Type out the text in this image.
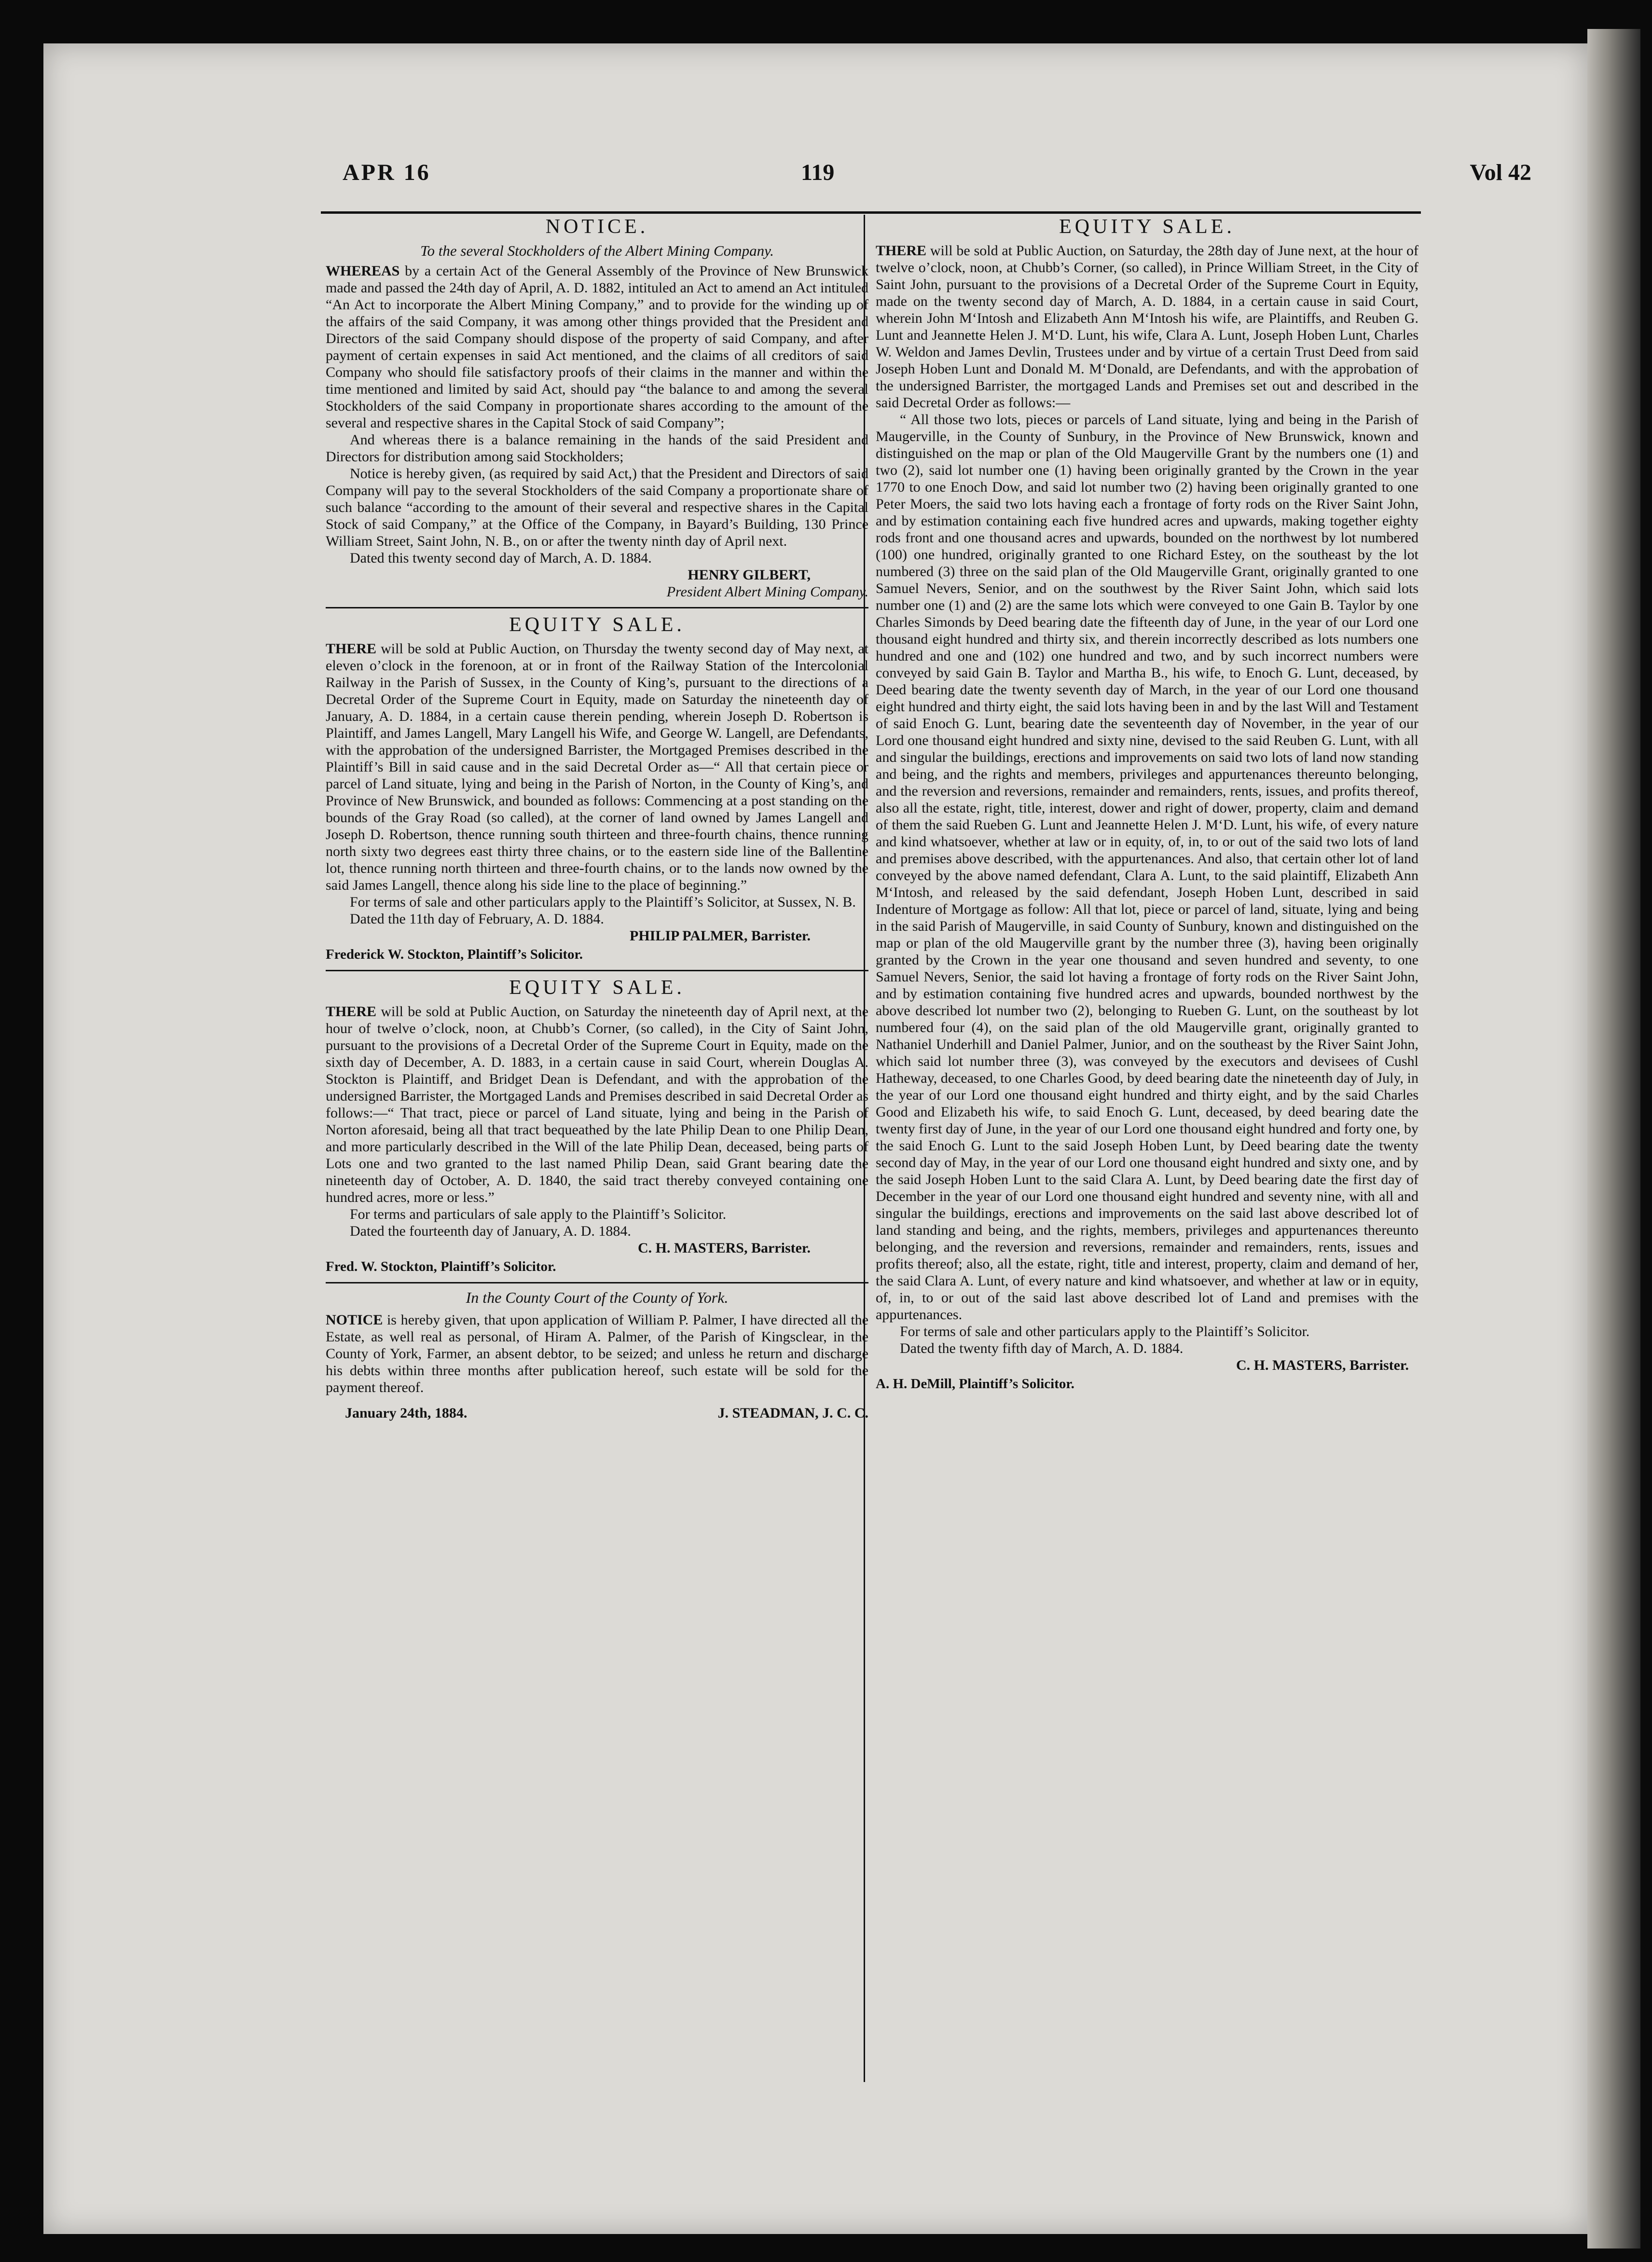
APR 16	119	Vol 42
NOTICE.
To the several Stockholders of the Albert Mining Company.

WHEREAS by a certain Act of the General Assembly of the Province of New Brunswick made and passed the 24th day of April, A. D. 1882, intituled an Act to amend an Act intituled “An Act to incorporate the Albert Mining Company,” and to provide for the winding up of the affairs of the said Company, it was among other things provided that the President and Directors of the said Company should dispose of the property of said Company, and after payment of certain expenses in said Act mentioned, and the claims of all creditors of said Company who should file satisfactory proofs of their claims in the manner and within the time mentioned and limited by said Act, should pay “the balance to and among the several Stockholders of the said Company in proportionate shares according to the amount of the several and respective shares in the Capital Stock of said Company”;

And whereas there is a balance remaining in the hands of the said President and Directors for distribution among said Stockholders;

Notice is hereby given, (as required by said Act,) that the President and Directors of said Company will pay to the several Stockholders of the said Company a proportionate share of such balance “according to the amount of their several and respective shares in the Capital Stock of said Company,” at the Office of the Company, in Bayard’s Building, 130 Prince William Street, Saint John, N. B., on or after the twenty ninth day of April next.

Dated this twenty second day of March, A. D. 1884.

HENRY GILBERT,

President Albert Mining Company.

EQUITY SALE.

THERE will be sold at Public Auction, on Thursday the twenty second day of May next, at eleven o’clock in the forenoon, at or in front of the Railway Station of the Intercolonial Railway in the Parish of Sussex, in the County of King’s, pursuant to the directions of a Decretal Order of the Supreme Court in Equity, made on Saturday the nineteenth day of January, A. D. 1884, in a certain cause therein pending, wherein Joseph D. Robertson is Plaintiff, and James Langell, Mary Langell his Wife, and George W. Langell, are Defendants, with the approbation of the undersigned Barrister, the Mortgaged Premises described in the Plaintiff’s Bill in said cause and in the said Decretal Order as—“ All that certain piece or parcel of Land situate, lying and being in the Parish of Norton, in the County of King’s, and Province of New Brunswick, and bounded as follows: Commencing at a post standing on the bounds of the Gray Road (so called), at the corner of land owned by James Langell and Joseph D. Robertson, thence running south thirteen and three-fourth chains, thence running north sixty two degrees east thirty three chains, or to the eastern side line of the Ballentine lot, thence running north thirteen and three-fourth chains, or to the lands now owned by the said James Langell, thence along his side line to the place of beginning.”

For terms of sale and other particulars apply to the Plaintiff’s Solicitor, at Sussex, N. B.

Dated the 11th day of February, A. D. 1884.

PHILIP PALMER, Barrister.

Frederick W. Stockton, Plaintiff’s Solicitor.

EQUITY SALE.

THERE will be sold at Public Auction, on Saturday the nineteenth day of April next, at the hour of twelve o’clock, noon, at Chubb’s Corner, (so called), in the City of Saint John, pursuant to the provisions of a Decretal Order of the Supreme Court in Equity, made on the sixth day of December, A. D. 1883, in a certain cause in said Court, wherein Douglas A. Stockton is Plaintiff, and Bridget Dean is Defendant, and with the approbation of the undersigned Barrister, the Mortgaged Lands and Premises described in said Decretal Order as follows:—“ That tract, piece or parcel of Land situate, lying and being in the Parish of Norton aforesaid, being all that tract bequeathed by the late Philip Dean to one Philip Dean, and more particularly described in the Will of the late Philip Dean, deceased, being parts of Lots one and two granted to the last named Philip Dean, said Grant bearing date the nineteenth day of October, A. D. 1840, the said tract thereby conveyed containing one hundred acres, more or less.”

For terms and particulars of sale apply to the Plaintiff’s Solicitor.

Dated the fourteenth day of January, A. D. 1884.

C. H. MASTERS, Barrister.

Fred. W. Stockton, Plaintiff’s Solicitor.

In the County Court of the County of York.

NOTICE is hereby given, that upon application of William P. Palmer, I have directed all the Estate, as well real as personal, of Hiram A. Palmer, of the Parish of Kingsclear, in the County of York, Farmer, an absent debtor, to be seized; and unless he return and discharge his debts within three months after publication hereof, such estate will be sold for the payment thereof.

January 24th, 1884.	J. STEADMAN, J. C. C.
EQUITY SALE.

THERE will be sold at Public Auction, on Saturday, the 28th day of June next, at the hour of twelve o’clock, noon, at Chubb’s Corner, (so called), in Prince William Street, in the City of Saint John, pursuant to the provisions of a Decretal Order of the Supreme Court in Equity, made on the twenty second day of March, A. D. 1884, in a certain cause in said Court, wherein John M‘Intosh and Elizabeth Ann M‘Intosh his wife, are Plaintiffs, and Reuben G. Lunt and Jeannette Helen J. M‘D. Lunt, his wife, Clara A. Lunt, Joseph Hoben Lunt, Charles W. Weldon and James Devlin, Trustees under and by virtue of a certain Trust Deed from said Joseph Hoben Lunt and Donald M. M‘Donald, are Defendants, and with the approbation of the undersigned Barrister, the mortgaged Lands and Premises set out and described in the said Decretal Order as follows:—

“ All those two lots, pieces or parcels of Land situate, lying and being in the Parish of Maugerville, in the County of Sunbury, in the Province of New Brunswick, known and distinguished on the map or plan of the Old Maugerville Grant by the numbers one (1) and two (2), said lot number one (1) having been originally granted by the Crown in the year 1770 to one Enoch Dow, and said lot number two (2) having been originally granted to one Peter Moers, the said two lots having each a frontage of forty rods on the River Saint John, and by estimation containing each five hundred acres and upwards, making together eighty rods front and one thousand acres and upwards, bounded on the northwest by lot numbered (100) one hundred, originally granted to one Richard Estey, on the southeast by the lot numbered (3) three on the said plan of the Old Maugerville Grant, originally granted to one Samuel Nevers, Senior, and on the southwest by the River Saint John, which said lots number one (1) and (2) are the same lots which were conveyed to one Gain B. Taylor by one Charles Simonds by Deed bearing date the fifteenth day of June, in the year of our Lord one thousand eight hundred and thirty six, and therein incorrectly described as lots numbers one hundred and one and (102) one hundred and two, and by such incorrect numbers were conveyed by said Gain B. Taylor and Martha B., his wife, to Enoch G. Lunt, deceased, by Deed bearing date the twenty seventh day of March, in the year of our Lord one thousand eight hundred and thirty eight, the said lots having been in and by the last Will and Testament of said Enoch G. Lunt, bearing date the seventeenth day of November, in the year of our Lord one thousand eight hundred and sixty nine, devised to the said Reuben G. Lunt, with all and singular the buildings, erections and improvements on said two lots of land now standing and being, and the rights and members, privileges and appurtenances thereunto belonging, and the reversion and reversions, remainder and remainders, rents, issues, and profits thereof, also all the estate, right, title, interest, dower and right of dower, property, claim and demand of them the said Rueben G. Lunt and Jeannette Helen J. M‘D. Lunt, his wife, of every nature and kind whatsoever, whether at law or in equity, of, in, to or out of the said two lots of land and premises above described, with the appurtenances. And also, that certain other lot of land conveyed by the above named defendant, Clara A. Lunt, to the said plaintiff, Elizabeth Ann M‘Intosh, and released by the said defendant, Joseph Hoben Lunt, described in said Indenture of Mortgage as follow: All that lot, piece or parcel of land, situate, lying and being in the said Parish of Maugerville, in said County of Sunbury, known and distinguished on the map or plan of the old Maugerville grant by the number three (3), having been originally granted by the Crown in the year one thousand and seven hundred and seventy, to one Samuel Nevers, Senior, the said lot having a frontage of forty rods on the River Saint John, and by estimation containing five hundred acres and upwards, bounded northwest by the above described lot number two (2), belonging to Rueben G. Lunt, on the southeast by lot numbered four (4), on the said plan of the old Maugerville grant, originally granted to Nathaniel Underhill and Daniel Palmer, Junior, and on the southeast by the River Saint John, which said lot number three (3), was conveyed by the executors and devisees of Cushl Hatheway, deceased, to one Charles Good, by deed bearing date the nineteenth day of July, in the year of our Lord one thousand eight hundred and thirty eight, and by the said Charles Good and Elizabeth his wife, to said Enoch G. Lunt, deceased, by deed bearing date the twenty first day of June, in the year of our Lord one thousand eight hundred and forty one, by the said Enoch G. Lunt to the said Joseph Hoben Lunt, by Deed bearing date the twenty second day of May, in the year of our Lord one thousand eight hundred and sixty one, and by the said Joseph Hoben Lunt to the said Clara A. Lunt, by Deed bearing date the first day of December in the year of our Lord one thousand eight hundred and seventy nine, with all and singular the buildings, erections and improvements on the said last above described lot of land standing and being, and the rights, members, privileges and appurtenances thereunto belonging, and the reversion and reversions, remainder and remainders, rents, issues and profits thereof; also, all the estate, right, title and interest, property, claim and demand of her, the said Clara A. Lunt, of every nature and kind whatsoever, and whether at law or in equity, of, in, to or out of the said last above described lot of Land and premises with the appurtenances.

For terms of sale and other particulars apply to the Plaintiff’s Solicitor.

Dated the twenty fifth day of March, A. D. 1884.

C. H. MASTERS, Barrister.

A. H. DeMill, Plaintiff’s Solicitor.
